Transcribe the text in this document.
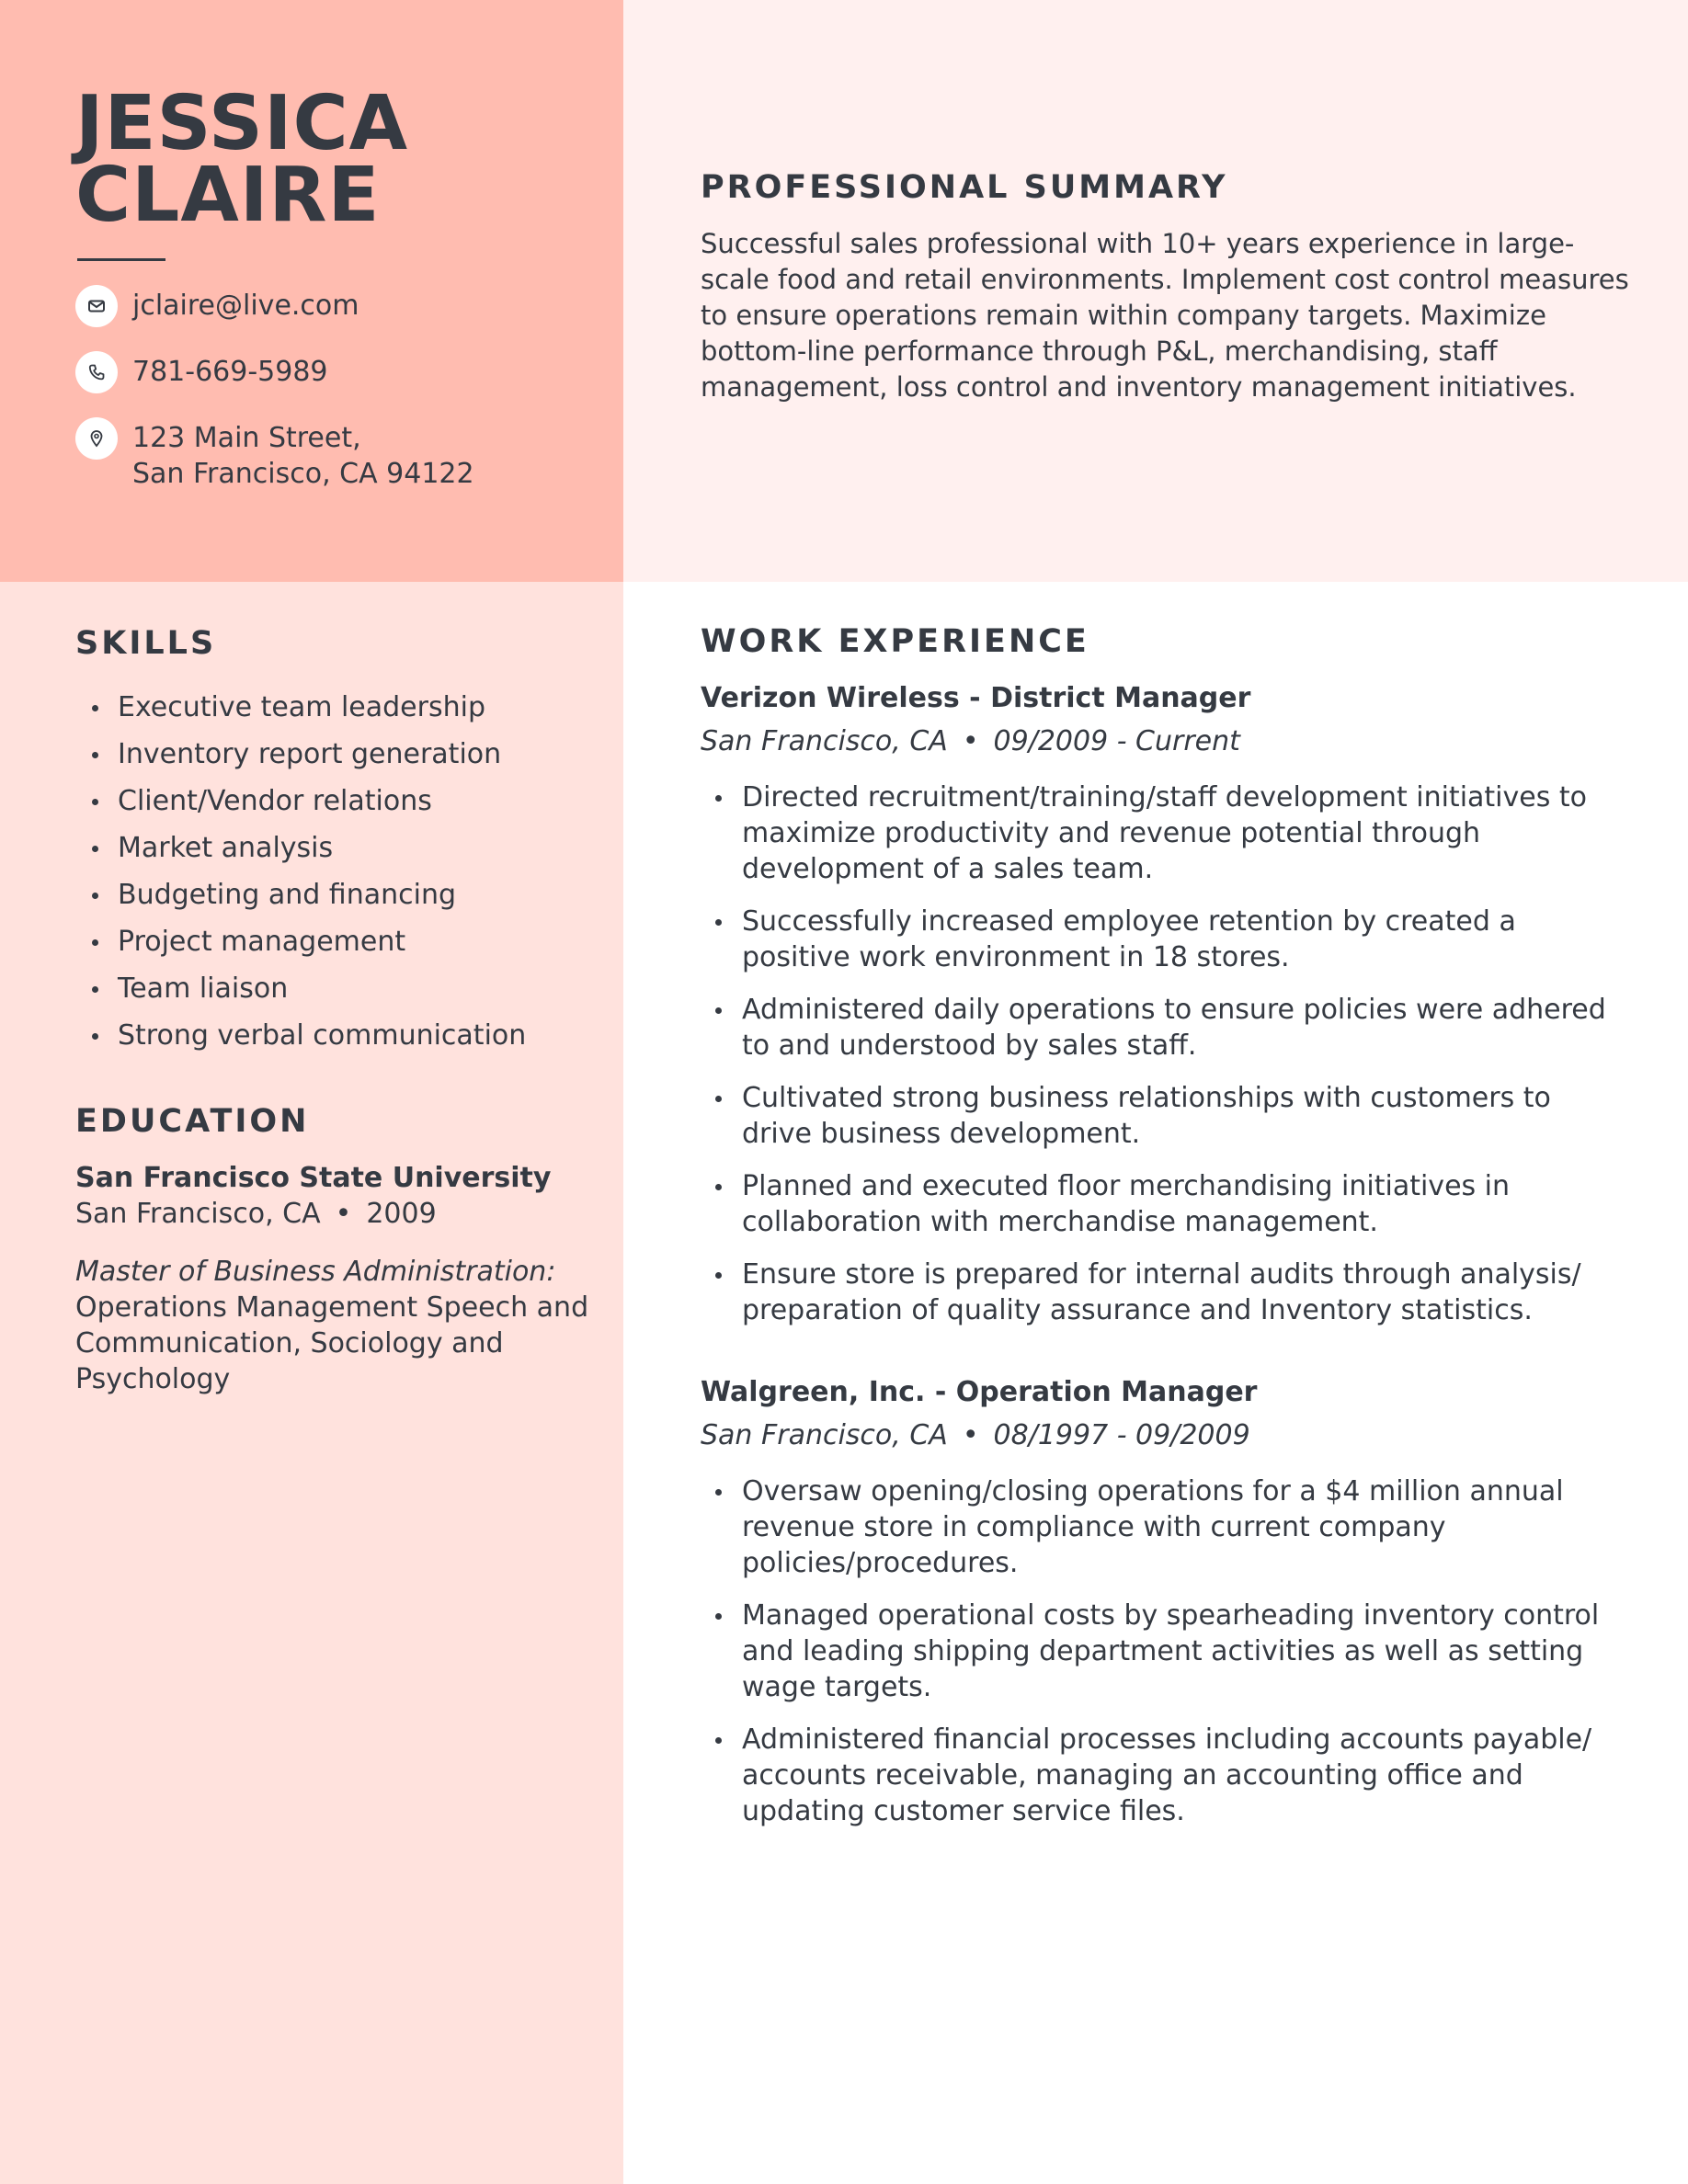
JESSICA
CLAIRE
jclaire@live.com
781-669-5989
123 Main Street,
San Francisco, CA 94122
PROFESSIONAL SUMMARY

Successful sales professional with 10+ years experience in large-scale food and retail environments. Implement cost control measures to ensure operations remain within company targets. Maximize bottom-line performance through P&L, merchandising, staff management, loss control and inventory management initiatives.

SKILLS
Executive team leadership
Inventory report generation
Client/Vendor relations
Market analysis
Budgeting and financing
Project management
Team liaison
Strong verbal communication
EDUCATION

San Francisco State University

San Francisco, CA • 2009

Master of Business Administration: Operations Management Speech and Communication, Sociology and Psychology

WORK EXPERIENCE

Verizon Wireless - District Manager

San Francisco, CA • 09/2009 - Current

Directed recruitment/training/staff development initiatives to maximize productivity and revenue potential through development of a sales team.
Successfully increased employee retention by created a positive work environment in 18 stores.
Administered daily operations to ensure policies were adhered to and understood by sales staff.
Cultivated strong business relationships with customers to drive business development.
Planned and executed floor merchandising initiatives in collaboration with merchandise management.
Ensure store is prepared for internal audits through analysis/ preparation of quality assurance and Inventory statistics.

Walgreen, Inc. - Operation Manager

San Francisco, CA • 08/1997 - 09/2009

Oversaw opening/closing operations for a $4 million annual revenue store in compliance with current company policies/procedures.
Managed operational costs by spearheading inventory control and leading shipping department activities as well as setting wage targets.
Administered financial processes including accounts payable/ accounts receivable, managing an accounting office and updating customer service files.
